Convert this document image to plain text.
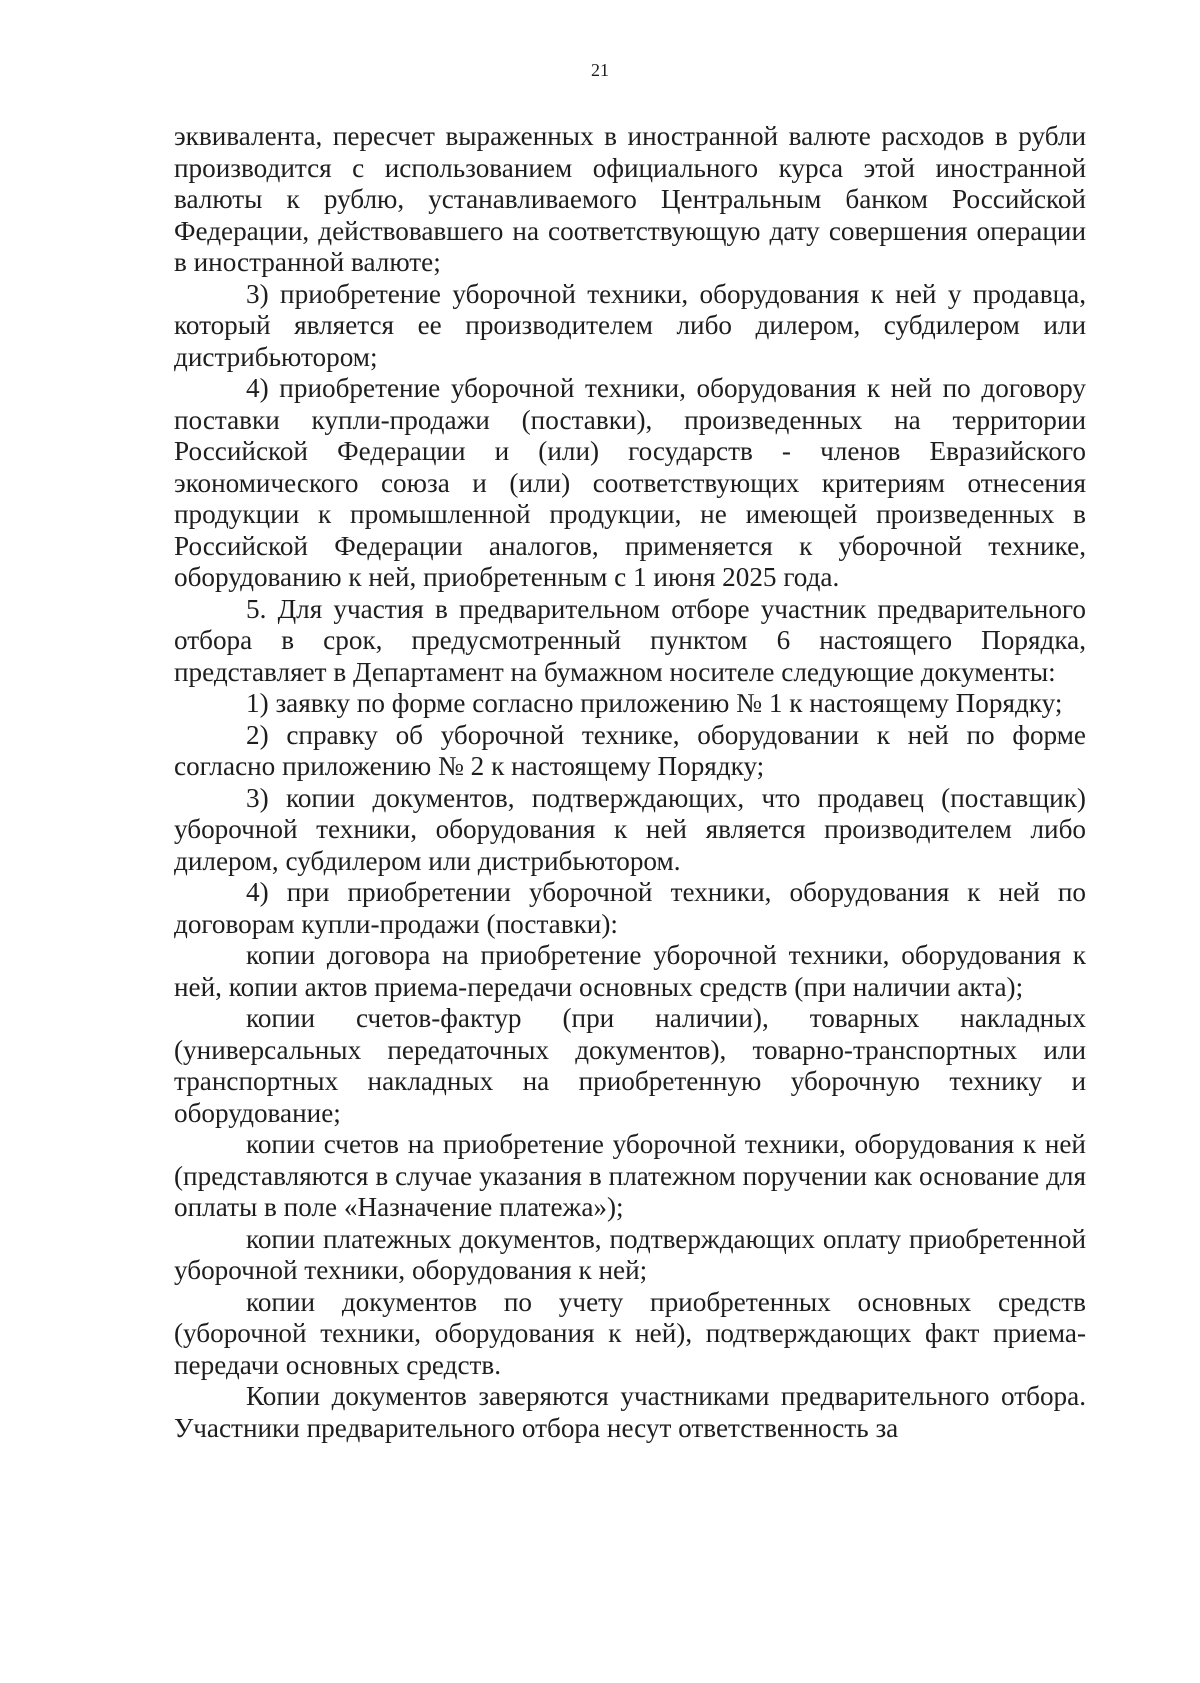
21

эквивалента, пересчет выраженных в иностранной валюте расходов в рубли производится с использованием официального курса этой иностранной валюты к рублю, устанавливаемого Центральным банком Российской Федерации, действовавшего на соответствующую дату совершения операции в иностранной валюте;

3) приобретение уборочной техники, оборудования к ней у продавца, который является ее производителем либо дилером, субдилером или дистрибьютором;

4) приобретение уборочной техники, оборудования к ней по договору поставки купли-продажи (поставки), произведенных на территории Российской Федерации и (или) государств - членов Евразийского экономического союза и (или) соответствующих критериям отнесения продукции к промышленной продукции, не имеющей произведенных в Российской Федерации аналогов, применяется к уборочной технике, оборудованию к ней, приобретенным с 1 июня 2025 года.

5. Для участия в предварительном отборе участник предварительного отбора в срок, предусмотренный пунктом 6 настоящего Порядка, представляет в Департамент на бумажном носителе следующие документы:

1) заявку по форме согласно приложению № 1 к настоящему Порядку;

2) справку об уборочной технике, оборудовании к ней по форме согласно приложению № 2 к настоящему Порядку;

3) копии документов, подтверждающих, что продавец (поставщик) уборочной техники, оборудования к ней является производителем либо дилером, субдилером или дистрибьютором.

4) при приобретении уборочной техники, оборудования к ней по договорам купли-продажи (поставки):

копии договора на приобретение уборочной техники, оборудования к ней, копии актов приема-передачи основных средств (при наличии акта);

копии счетов-фактур (при наличии), товарных накладных (универсальных передаточных документов), товарно-транспортных или транспортных накладных на приобретенную уборочную технику и оборудование;

копии счетов на приобретение уборочной техники, оборудования к ней (представляются в случае указания в платежном поручении как основание для оплаты в поле «Назначение платежа»);

копии платежных документов, подтверждающих оплату приобретенной уборочной техники, оборудования к ней;

копии документов по учету приобретенных основных средств (уборочной техники, оборудования к ней), подтверждающих факт приема-передачи основных средств.

Копии документов заверяются участниками предварительного отбора. Участники предварительного отбора несут ответственность за
